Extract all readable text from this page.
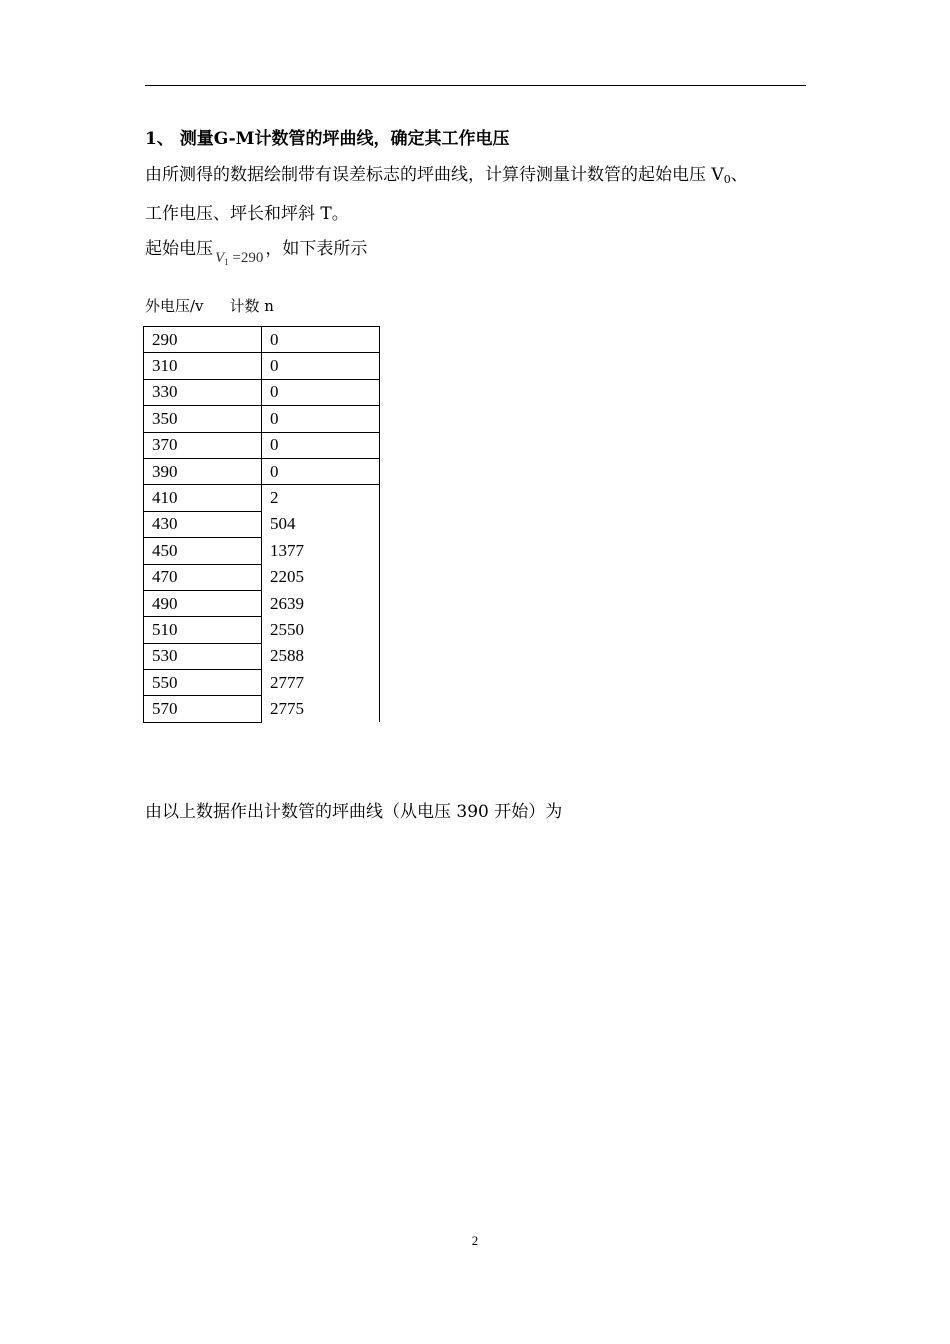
1、 测量G-M计数管的坪曲线，确定其工作电压
由所测得的数据绘制带有误差标志的坪曲线，计算待测量计数管的起始电压 $V_0$、
工作电压、坪长和坪斜 T。
起始电压 $V_1 =290$ ，如下表所示
外电压/v 计数 n
290	0
310	0
330	0
350	0
370	0
390	0
410	2
430	504
450	1377
470	2205
490	2639
510	2550
530	2588
550	2777
570	2775
由以上数据作出计数管的坪曲线（从电压 390 开始）为
2
